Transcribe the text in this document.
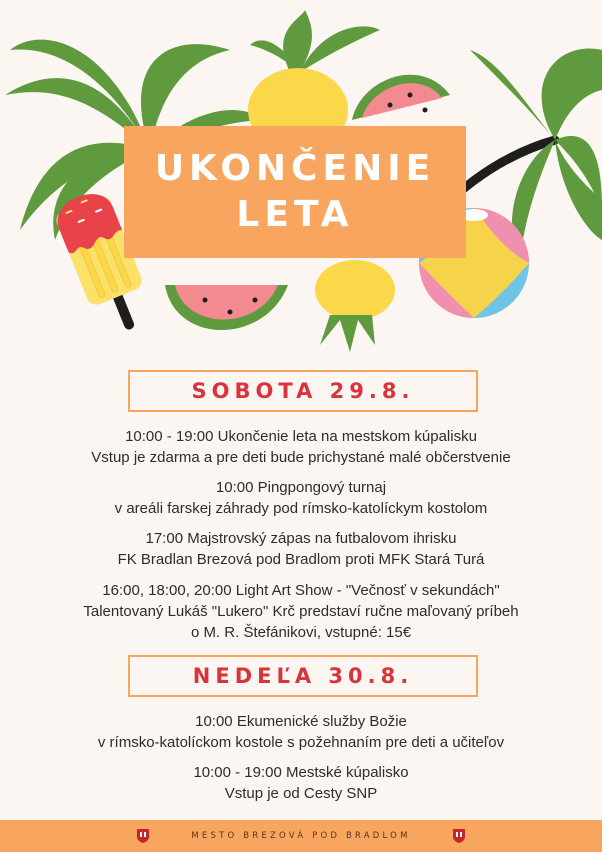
UKONČENIE
LETA
SOBOTA 29.8.
10:00 - 19:00 Ukončenie leta na mestskom kúpalisku
Vstup je zdarma a pre deti bude prichystané malé občerstvenie
10:00 Pingpongový turnaj
v areáli farskej záhrady pod rímsko-katolíckym kostolom
17:00 Majstrovský zápas na futbalovom ihrisku
FK Bradlan Brezová pod Bradlom proti MFK Stará Turá
16:00, 18:00, 20:00 Light Art Show - "Večnosť v sekundách"
Talentovaný Lukáš "Lukero" Krč predstaví ručne maľovaný príbeh
o M. R. Štefánikovi, vstupné: 15€
NEDEĽA 30.8.
10:00 Ekumenické služby Božie
v rímsko-katolíckom kostole s požehnaním pre deti a učiteľov
10:00 - 19:00 Mestské kúpalisko
Vstup je od Cesty SNP
MESTO BREZOVÁ POD BRADLOM
